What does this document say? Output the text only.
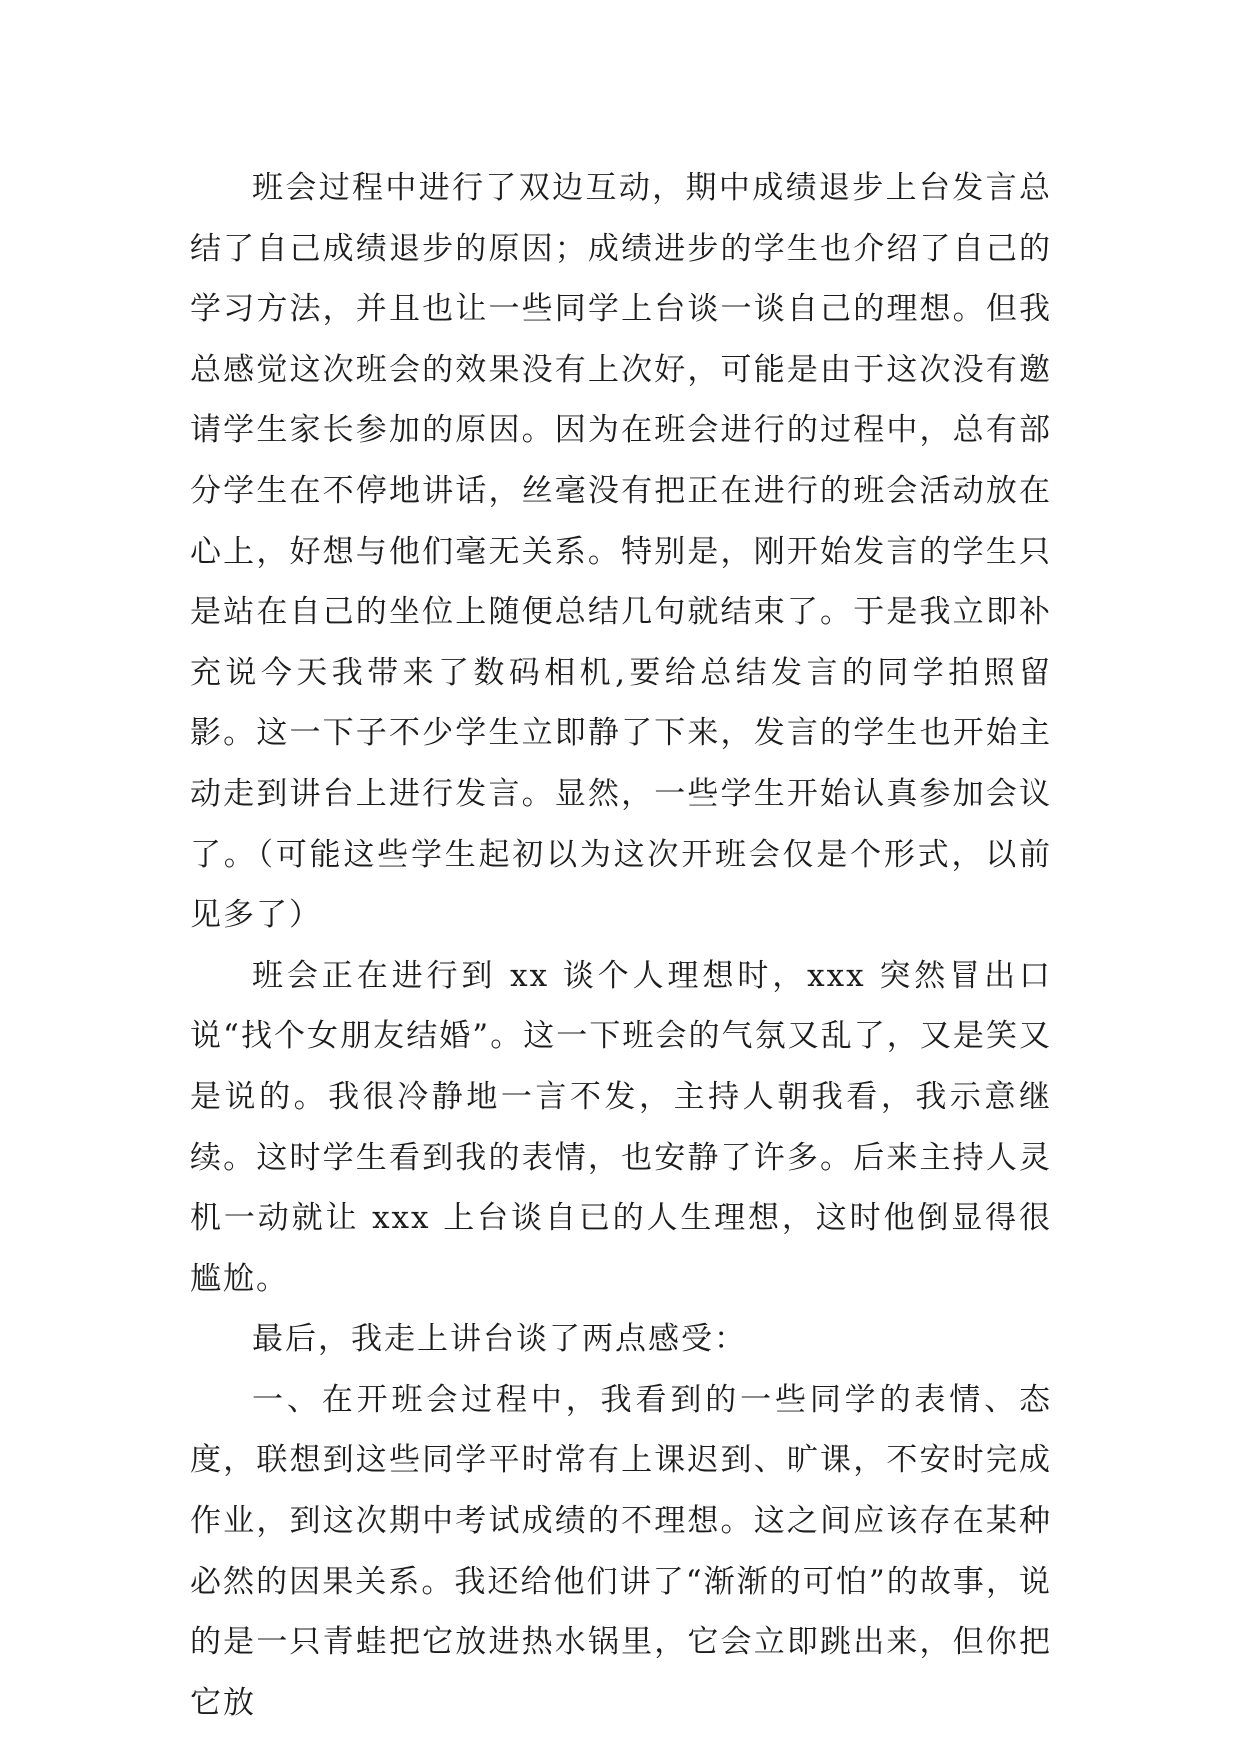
班会过程中进行了双边互动，期中成绩退步上台发言总结了自己成绩退步的原因；成绩进步的学生也介绍了自己的学习方法，并且也让一些同学上台谈一谈自己的理想。但我总感觉这次班会的效果没有上次好，可能是由于这次没有邀请学生家长参加的原因。因为在班会进行的过程中，总有部分学生在不停地讲话，丝毫没有把正在进行的班会活动放在心上，好想与他们毫无关系。特别是，刚开始发言的学生只是站在自己的坐位上随便总结几句就结束了。于是我立即补充说今天我带来了数码相机,要给总结发言的同学拍照留影。这一下子不少学生立即静了下来，发言的学生也开始主动走到讲台上进行发言。显然，一些学生开始认真参加会议了。（可能这些学生起初以为这次开班会仅是个形式，以前见多了）

班会正在进行到 xx 谈个人理想时，xxx 突然冒出口说“找个女朋友结婚”。这一下班会的气氛又乱了，又是笑又是说的。我很冷静地一言不发，主持人朝我看，我示意继续。这时学生看到我的表情，也安静了许多。后来主持人灵机一动就让 xxx 上台谈自已的人生理想，这时他倒显得很尴尬。

最后，我走上讲台谈了两点感受：

一、在开班会过程中，我看到的一些同学的表情、态度，联想到这些同学平时常有上课迟到、旷课，不安时完成作业，到这次期中考试成绩的不理想。这之间应该存在某种必然的因果关系。我还给他们讲了“渐渐的可怕”的故事，说的是一只青蛙把它放进热水锅里，它会立即跳出来，但你把它放
